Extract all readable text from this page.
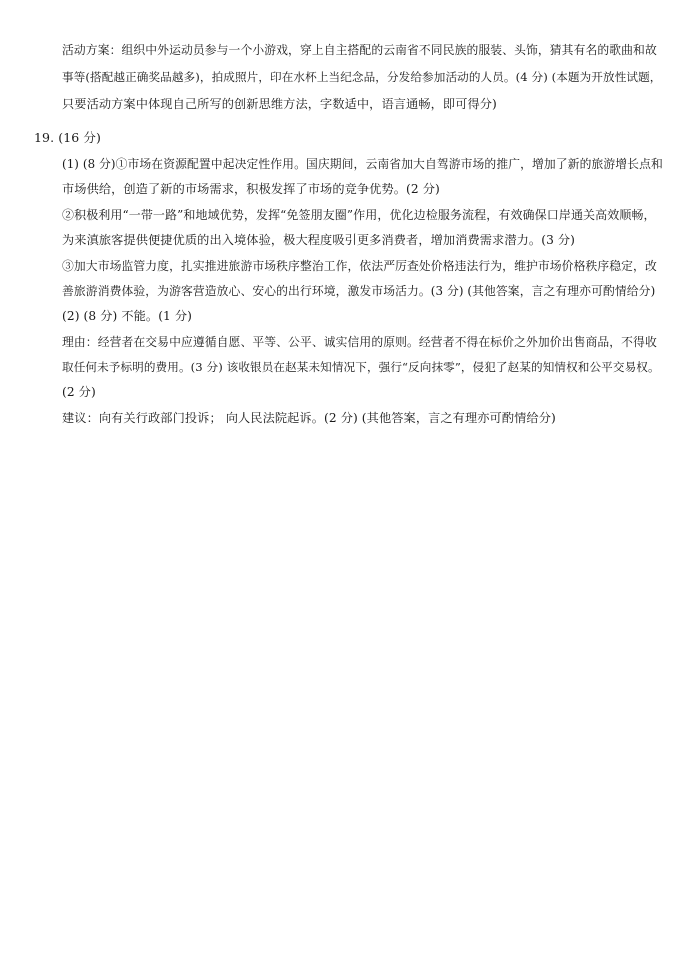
活动方案：组织中外运动员参与一个小游戏，穿上自主搭配的云南省不同民族的服装、头饰，猜其有名的歌曲和故
事等(搭配越正确奖品越多)，拍成照片，印在水杯上当纪念品，分发给参加活动的人员。(4 分) (本题为开放性试题，
只要活动方案中体现自己所写的创新思维方法，字数适中，语言通畅，即可得分)
19. (16 分)
(1) (8 分)①市场在资源配置中起决定性作用。国庆期间，云南省加大自驾游市场的推广，增加了新的旅游增长点和
市场供给，创造了新的市场需求，积极发挥了市场的竞争优势。(2 分)
②积极利用“一带一路”和地域优势，发挥“免签朋友圈”作用，优化边检服务流程，有效确保口岸通关高效顺畅，
为来滇旅客提供便捷优质的出入境体验，极大程度吸引更多消费者，增加消费需求潜力。(3 分)
③加大市场监管力度，扎实推进旅游市场秩序整治工作，依法严厉查处价格违法行为，维护市场价格秩序稳定，改
善旅游消费体验，为游客营造放心、安心的出行环境，激发市场活力。(3 分) (其他答案，言之有理亦可酌情给分)
(2) (8 分) 不能。(1 分)
理由：经营者在交易中应遵循自愿、平等、公平、诚实信用的原则。经营者不得在标价之外加价出售商品，不得收
取任何未予标明的费用。(3 分) 该收银员在赵某未知情况下，强行“反向抹零”，侵犯了赵某的知情权和公平交易权。
(2 分)
建议：向有关行政部门投诉； 向人民法院起诉。(2 分) (其他答案，言之有理亦可酌情给分)
